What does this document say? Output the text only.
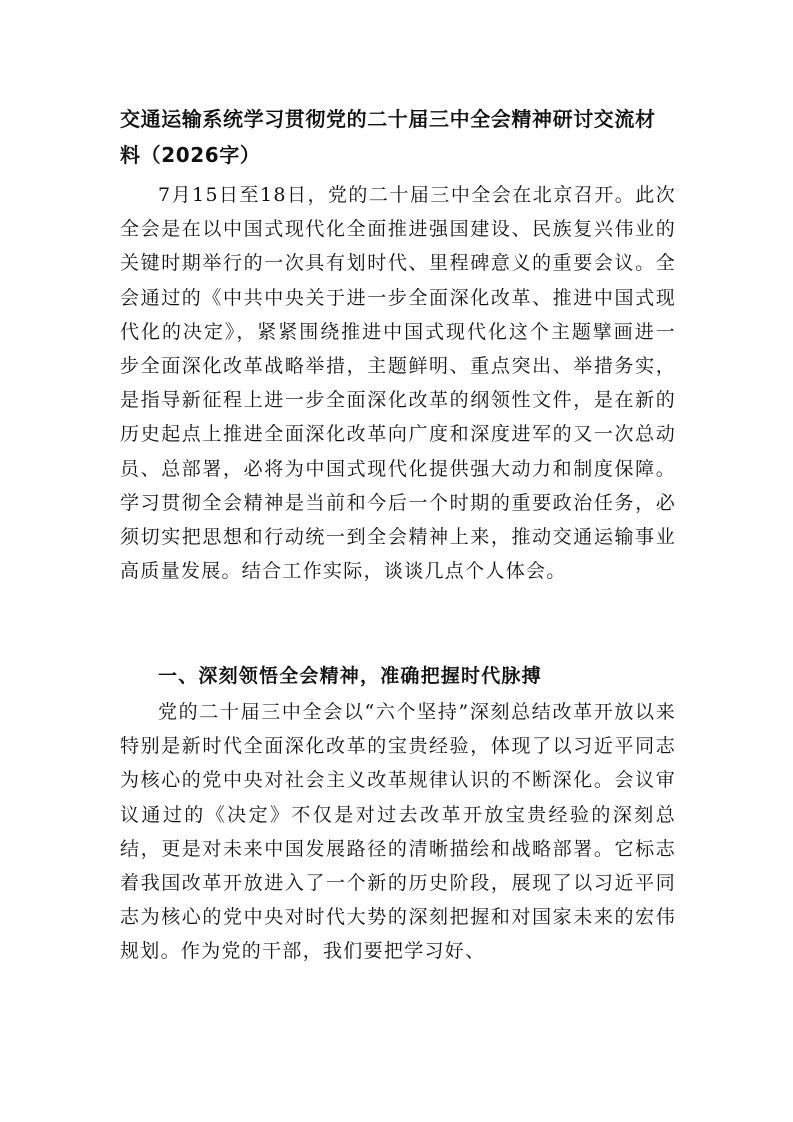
交通运输系统学习贯彻党的二十届三中全会精神研讨交流材料（2026字）

7月15日至18日，党的二十届三中全会在北京召开。此次全会是在以中国式现代化全面推进强国建设、民族复兴伟业的关键时期举行的一次具有划时代、里程碑意义的重要会议。全会通过的《中共中央关于进一步全面深化改革、推进中国式现代化的决定》，紧紧围绕推进中国式现代化这个主题擘画进一步全面深化改革战略举措，主题鲜明、重点突出、举措务实，是指导新征程上进一步全面深化改革的纲领性文件，是在新的历史起点上推进全面深化改革向广度和深度进军的又一次总动员、总部署，必将为中国式现代化提供强大动力和制度保障。学习贯彻全会精神是当前和今后一个时期的重要政治任务，必须切实把思想和行动统一到全会精神上来，推动交通运输事业高质量发展。结合工作实际，谈谈几点个人体会。

一、深刻领悟全会精神，准确把握时代脉搏

党的二十届三中全会以“六个坚持”深刻总结改革开放以来特别是新时代全面深化改革的宝贵经验，体现了以习近平同志为核心的党中央对社会主义改革规律认识的不断深化。会议审议通过的《决定》不仅是对过去改革开放宝贵经验的深刻总结，更是对未来中国发展路径的清晰描绘和战略部署。它标志着我国改革开放进入了一个新的历史阶段，展现了以习近平同志为核心的党中央对时代大势的深刻把握和对国家未来的宏伟规划。作为党的干部，我们要把学习好、
